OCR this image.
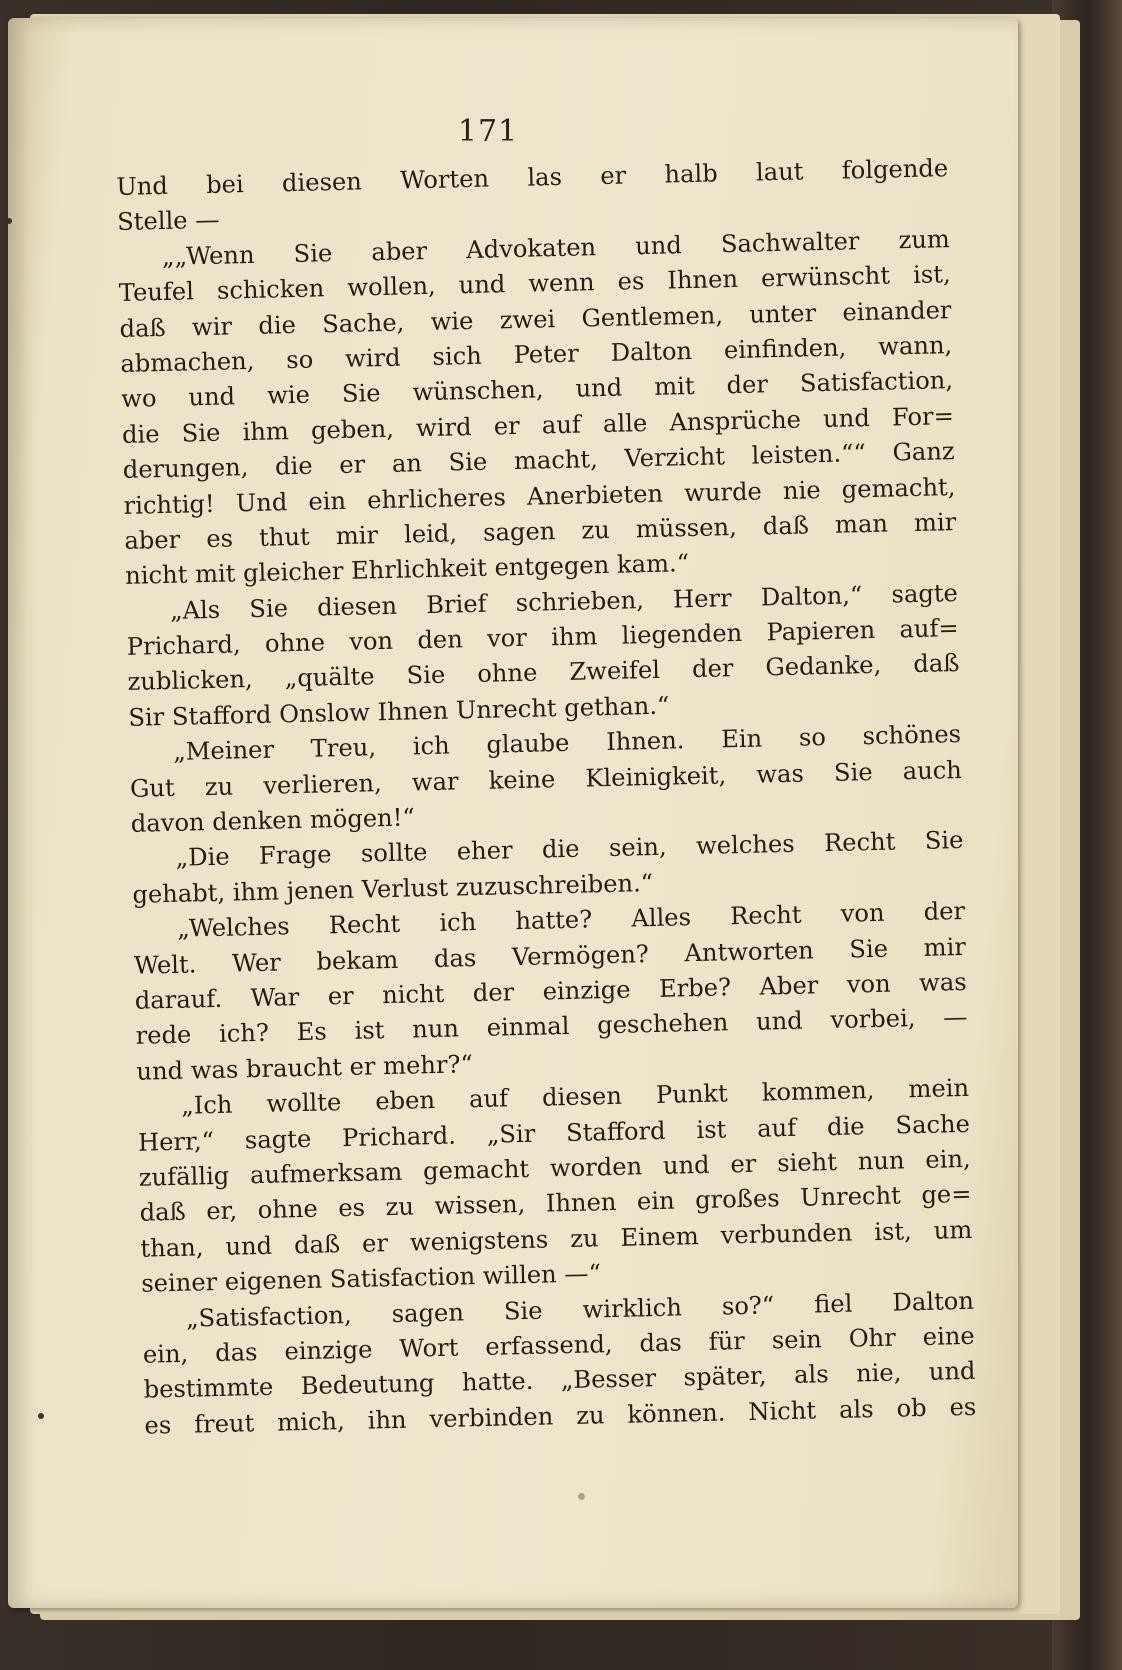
171
Und bei diesen Worten las er halb laut folgende
Stelle —
„„Wenn Sie aber Advokaten und Sachwalter zum
Teufel schicken wollen, und wenn es Ihnen erwünscht ist,
daß wir die Sache, wie zwei Gentlemen, unter einander
abmachen, so wird sich Peter Dalton einfinden, wann,
wo und wie Sie wünschen, und mit der Satisfaction,
die Sie ihm geben, wird er auf alle Ansprüche und For=
derungen, die er an Sie macht, Verzicht leisten.““ Ganz
richtig! Und ein ehrlicheres Anerbieten wurde nie gemacht,
aber es thut mir leid, sagen zu müssen, daß man mir
nicht mit gleicher Ehrlichkeit entgegen kam.“
„Als Sie diesen Brief schrieben, Herr Dalton,“ sagte
Prichard, ohne von den vor ihm liegenden Papieren auf=
zublicken, „quälte Sie ohne Zweifel der Gedanke, daß
Sir Stafford Onslow Ihnen Unrecht gethan.“
„Meiner Treu, ich glaube Ihnen. Ein so schönes
Gut zu verlieren, war keine Kleinigkeit, was Sie auch
davon denken mögen!“
„Die Frage sollte eher die sein, welches Recht Sie
gehabt, ihm jenen Verlust zuzuschreiben.“
„Welches Recht ich hatte? Alles Recht von der
Welt. Wer bekam das Vermögen? Antworten Sie mir
darauf. War er nicht der einzige Erbe? Aber von was
rede ich? Es ist nun einmal geschehen und vorbei, —
und was braucht er mehr?“
„Ich wollte eben auf diesen Punkt kommen, mein
Herr,“ sagte Prichard. „Sir Stafford ist auf die Sache
zufällig aufmerksam gemacht worden und er sieht nun ein,
daß er, ohne es zu wissen, Ihnen ein großes Unrecht ge=
than, und daß er wenigstens zu Einem verbunden ist, um
seiner eigenen Satisfaction willen —“
„Satisfaction, sagen Sie wirklich so?“ fiel Dalton
ein, das einzige Wort erfassend, das für sein Ohr eine
bestimmte Bedeutung hatte. „Besser später, als nie, und
es freut mich, ihn verbinden zu können. Nicht als ob es
